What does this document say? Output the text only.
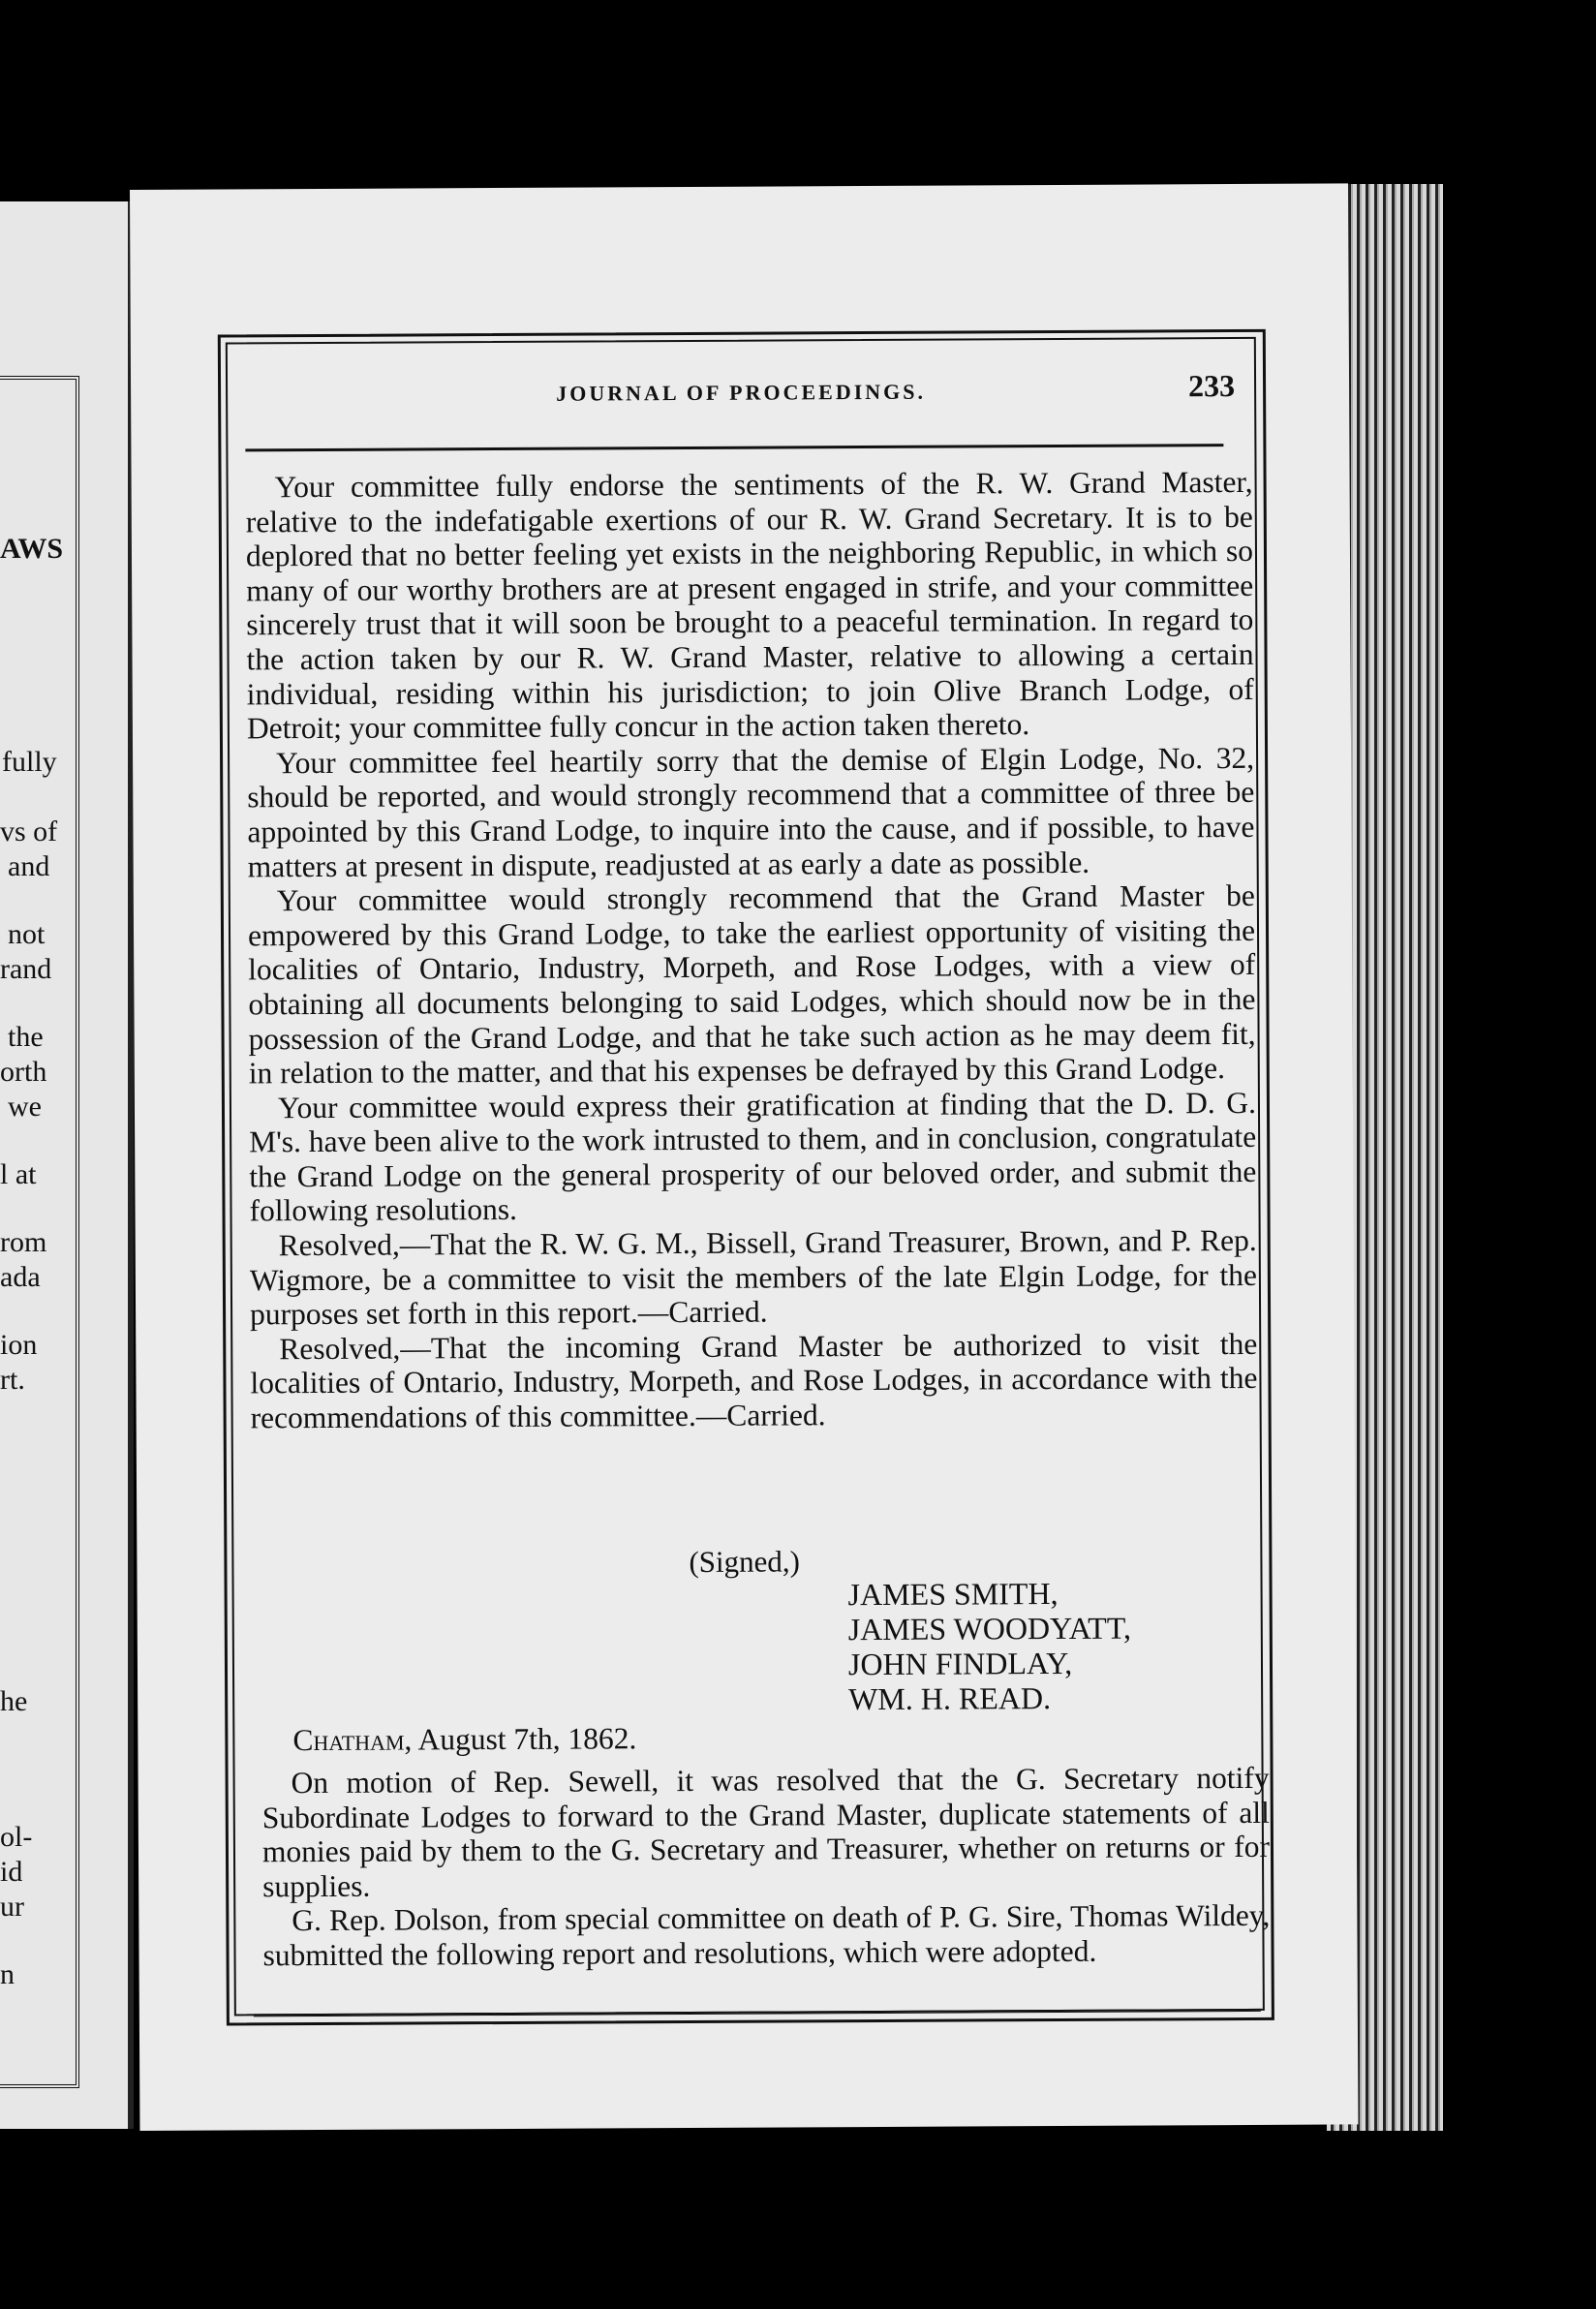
AWS
fully
vs of
and
not
rand
the
orth
we
l at
rom
ada
ion
rt.
he
ol-
id
ur
n
JOURNAL OF PROCEEDINGS.	233

Your committee fully endorse the sentiments of the R. W. Grand Master, relative to the indefatigable exertions of our R. W. Grand Secretary. It is to be deplored that no better feeling yet exists in the neighboring Republic, in which so many of our worthy brothers are at present engaged in strife, and your committee sincerely trust that it will soon be brought to a peaceful termination. In regard to the action taken by our R. W. Grand Master, relative to allowing a certain individual, residing within his jurisdiction; to join Olive Branch Lodge, of Detroit; your committee fully concur in the action taken thereto.

Your committee feel heartily sorry that the demise of Elgin Lodge, No. 32, should be reported, and would strongly recommend that a committee of three be appointed by this Grand Lodge, to inquire into the cause, and if possible, to have matters at present in dispute, readjusted at as early a date as possible.

Your committee would strongly recommend that the Grand Master be empowered by this Grand Lodge, to take the earliest opportunity of visiting the localities of Ontario, Industry, Morpeth, and Rose Lodges, with a view of obtaining all documents belonging to said Lodges, which should now be in the possession of the Grand Lodge, and that he take such action as he may deem fit, in relation to the matter, and that his expenses be defrayed by this Grand Lodge.

Your committee would express their gratification at finding that the D. D. G. M's. have been alive to the work intrusted to them, and in conclusion, congratulate the Grand Lodge on the general prosperity of our beloved order, and submit the following resolutions.

Resolved,—That the R. W. G. M., Bissell, Grand Treasurer, Brown, and P. Rep. Wigmore, be a committee to visit the members of the late Elgin Lodge, for the purposes set forth in this report.—Carried.

Resolved,—That the incoming Grand Master be authorized to visit the localities of Ontario, Industry, Morpeth, and Rose Lodges, in accordance with the recommendations of this committee.—Carried.

(Signed,)
JAMES SMITH,
JAMES WOODYATT,
JOHN FINDLAY,
WM. H. READ.
Chatham, August 7th, 1862.

On motion of Rep. Sewell, it was resolved that the G. Secretary notify Subordinate Lodges to forward to the Grand Master, duplicate statements of all monies paid by them to the G. Secretary and Treasurer, whether on returns or for supplies.

G. Rep. Dolson, from special committee on death of P. G. Sire, Thomas Wildey, submitted the following report and resolutions, which were adopted.
